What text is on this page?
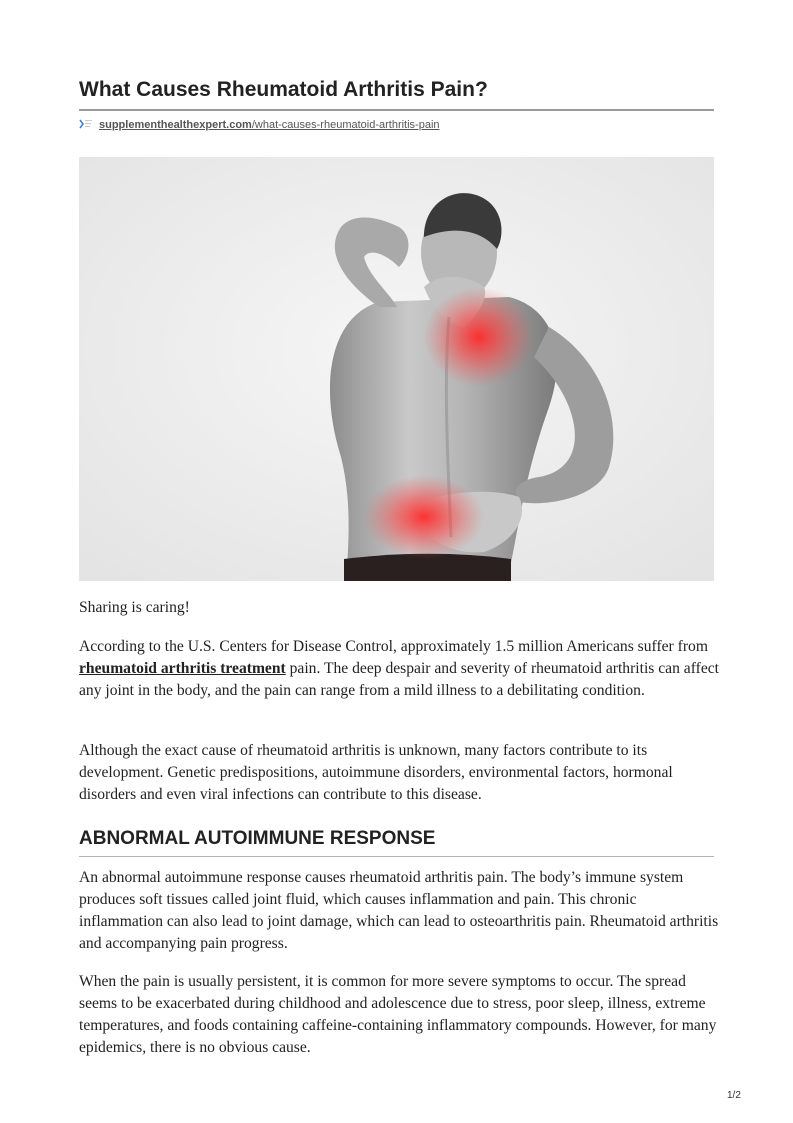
What Causes Rheumatoid Arthritis Pain?
supplementhealthexpert.com/what-causes-rheumatoid-arthritis-pain

Sharing is caring!

According to the U.S. Centers for Disease Control, approximately 1.5 million Americans suffer from rheumatoid arthritis treatment pain. The deep despair and severity of rheumatoid arthritis can affect any joint in the body, and the pain can range from a mild illness to a debilitating condition.

Although the exact cause of rheumatoid arthritis is unknown, many factors contribute to its development. Genetic predispositions, autoimmune disorders, environmental factors, hormonal disorders and even viral infections can contribute to this disease.

ABNORMAL AUTOIMMUNE RESPONSE

An abnormal autoimmune response causes rheumatoid arthritis pain. The body’s immune system produces soft tissues called joint fluid, which causes inflammation and pain. This chronic inflammation can also lead to joint damage, which can lead to osteoarthritis pain. Rheumatoid arthritis and accompanying pain progress.

When the pain is usually persistent, it is common for more severe symptoms to occur. The spread seems to be exacerbated during childhood and adolescence due to stress, poor sleep, illness, extreme temperatures, and foods containing caffeine-containing inflammatory compounds. However, for many epidemics, there is no obvious cause.

1/2
